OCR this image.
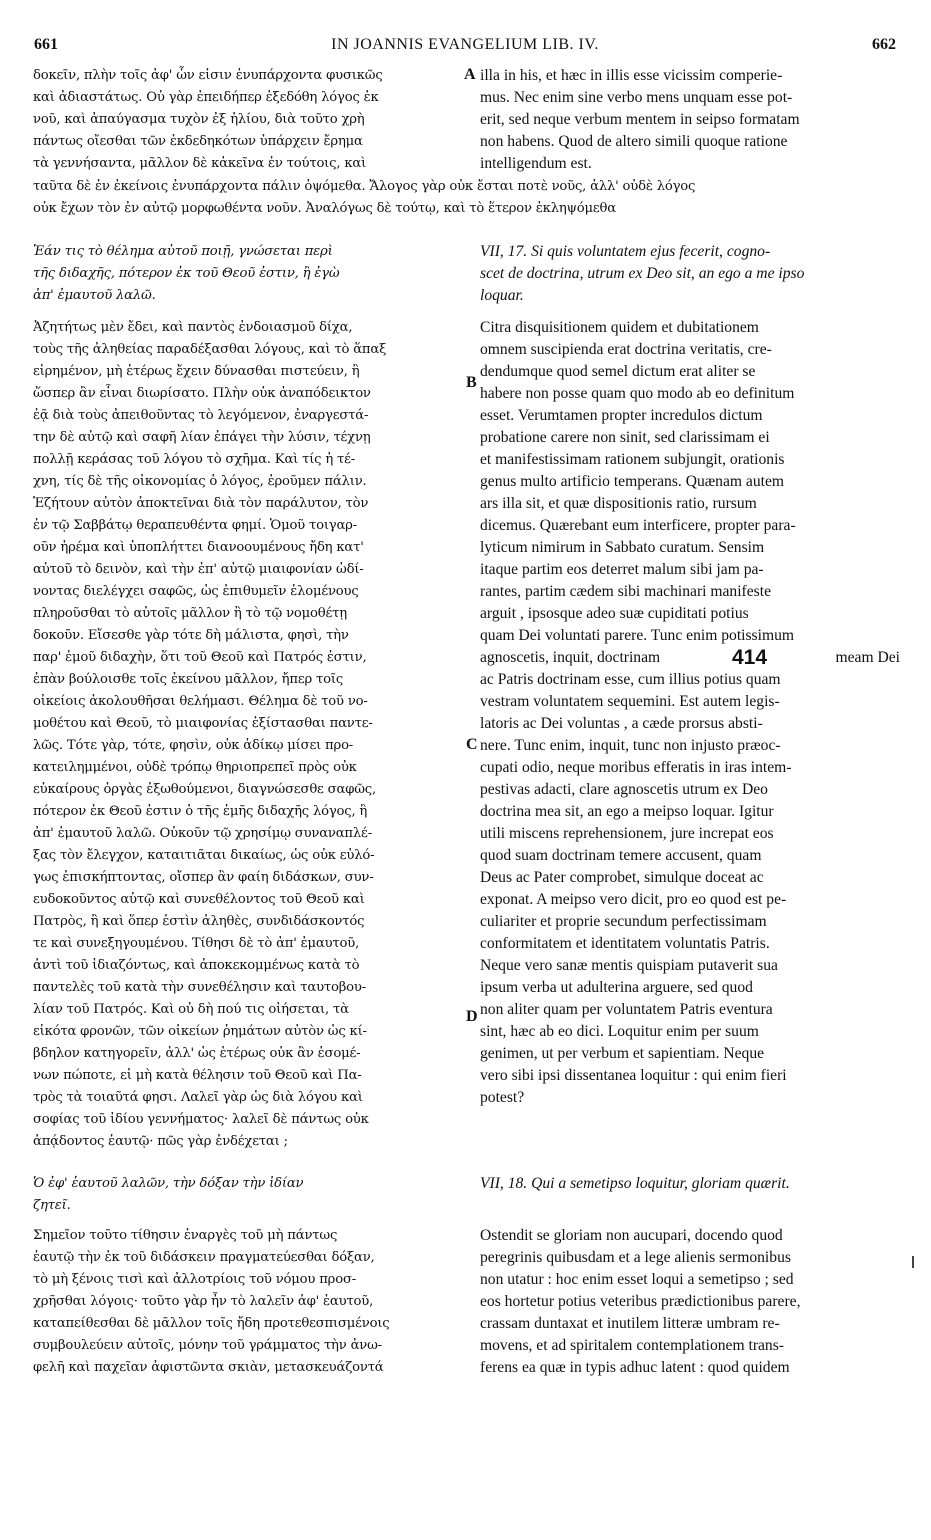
661	IN JOANNIS EVANGELIUM LIB. IV.	662
δοκεῖν, πλὴν τοῖς ἀφ' ὧν εἰσιν ἐνυπάρχοντα φυσικῶς
καὶ ἀδιαστάτως. Οὐ γὰρ ἐπειδήπερ ἐξεδόθη λόγος ἐκ
νοῦ, καὶ ἀπαύγασμα τυχὸν ἐξ ἡλίου, διὰ τοῦτο χρὴ
πάντως οἴεσθαι τῶν ἐκδεδηκότων ὑπάρχειν ἔρημα
τὰ γεννήσαντα, μᾶλλον δὲ κἀκεῖνα ἐν τούτοις, καὶ
illa in his, et hæc in illis esse vicissim comperie-
mus. Nec enim sine verbo mens unquam esse pot-
erit, sed neque verbum mentem in seipso formatam
non habens. Quod de altero simili quoque ratione
intelligendum est.
A
ταῦτα δὲ ἐν ἐκείνοις ἐνυπάρχοντα πάλιν ὀψόμεθα. Ἄλογος γὰρ οὐκ ἔσται ποτὲ νοῦς, ἀλλ' οὐδὲ λόγος
οὐκ ἔχων τὸν ἐν αὐτῷ μορφωθέντα νοῦν. Ἀναλόγως δὲ τούτῳ, καὶ τὸ ἕτερον ἐκληψόμεθα
Ἐάν τις τὸ θέλημα αὐτοῦ ποιῇ, γνώσεται περὶ
τῆς διδαχῆς, πότερον ἐκ τοῦ Θεοῦ ἐστιν, ἢ ἐγὼ
ἀπ' ἐμαυτοῦ λαλῶ.
VII, 17. Si quis voluntatem ejus fecerit, cogno-
scet de doctrina, utrum ex Deo sit, an ego a me ipso
loquar.
Ἀζητήτως μὲν ἔδει, καὶ παντὸς ἐνδοιασμοῦ δίχα,
τοὺς τῆς ἀληθείας παραδέξασθαι λόγους, καὶ τὸ ἅπαξ
εἰρημένον, μὴ ἑτέρως ἔχειν δύνασθαι πιστεύειν, ἢ
ὥσπερ ἂν εἶναι διωρίσατο. Πλὴν οὐκ ἀναπόδεικτον
ἐᾷ διὰ τοὺς ἀπειθοῦντας τὸ λεγόμενον, ἐναργεστά-
την δὲ αὐτῷ καὶ σαφῆ λίαν ἐπάγει τὴν λύσιν, τέχνῃ
πολλῇ κεράσας τοῦ λόγου τὸ σχῆμα. Καὶ τίς ἡ τέ-
χνη, τίς δὲ τῆς οἰκονομίας ὁ λόγος, ἐροῦμεν πάλιν.
Ἐζήτουν αὐτὸν ἀποκτεῖναι διὰ τὸν παράλυτον, τὸν
ἐν τῷ Σαββάτῳ θεραπευθέντα φημί. Ὁμοῦ τοιγαρ-
οῦν ἠρέμα καὶ ὑποπλήττει διανοουμένους ἤδη κατ'
αὐτοῦ τὸ δεινὸν, καὶ τὴν ἐπ' αὐτῷ μιαιφονίαν ὠδί-
νοντας διελέγχει σαφῶς, ὡς ἐπιθυμεῖν ἑλομένους
πληροῦσθαι τὸ αὐτοῖς μᾶλλον ἢ τὸ τῷ νομοθέτῃ
δοκοῦν. Εἴσεσθε γὰρ τότε δὴ μάλιστα, φησὶ, τὴν
παρ' ἐμοῦ διδαχὴν, ὅτι τοῦ Θεοῦ καὶ Πατρός ἐστιν,
ἐπὰν βούλοισθε τοῖς ἐκείνου μᾶλλον, ἤπερ τοῖς
οἰκείοις ἀκολουθῆσαι θελήμασι. Θέλημα δὲ τοῦ νο-
μοθέτου καὶ Θεοῦ, τὸ μιαιφονίας ἐξίστασθαι παντε-
λῶς. Τότε γὰρ, τότε, φησὶν, οὐκ ἀδίκῳ μίσει προ-
κατειλημμένοι, οὐδὲ τρόπῳ θηριοπρεπεῖ πρὸς οὐκ
εὐκαίρους ὀργὰς ἐξωθούμενοι, διαγνώσεσθε σαφῶς,
πότερον ἐκ Θεοῦ ἐστιν ὁ τῆς ἐμῆς διδαχῆς λόγος, ἢ
ἀπ' ἐμαυτοῦ λαλῶ. Οὐκοῦν τῷ χρησίμῳ συναναπλέ-
ξας τὸν ἔλεγχον, καταιτιᾶται δικαίως, ὡς οὐκ εὐλό-
γως ἐπισκήπτοντας, οἴσπερ ἂν φαίη διδάσκων, συν-
ευδοκοῦντος αὐτῷ καὶ συνεθέλοντος τοῦ Θεοῦ καὶ
Πατρὸς, ἢ καὶ ὅπερ ἐστὶν ἀληθὲς, συνδιδάσκοντός
τε καὶ συνεξηγουμένου. Τίθησι δὲ τὸ ἀπ' ἐμαυτοῦ,
ἀντὶ τοῦ ἰδιαζόντως, καὶ ἀποκεκομμένως κατὰ τὸ
παντελὲς τοῦ κατὰ τὴν συνεθέλησιν καὶ ταυτοβου-
λίαν τοῦ Πατρός. Καὶ οὐ δὴ πού τις οἰήσεται, τὰ
εἰκότα φρονῶν, τῶν οἰκείων ῥημάτων αὐτὸν ὡς κί-
βδηλον κατηγορεῖν, ἀλλ' ὡς ἑτέρως οὐκ ἂν ἐσομέ-
νων πώποτε, εἰ μὴ κατὰ θέλησιν τοῦ Θεοῦ καὶ Πα-
τρὸς τὰ τοιαῦτά φησι. Λαλεῖ γὰρ ὡς διὰ λόγου καὶ
σοφίας τοῦ ἰδίου γεννήματος· λαλεῖ δὲ πάντως οὐκ
ἀπᾴδοντος ἑαυτῷ· πῶς γὰρ ἐνδέχεται ;
Citra disquisitionem quidem et dubitationem
omnem suscipienda erat doctrina veritatis, cre-
dendumque quod semel dictum erat aliter se
habere non posse quam quo modo ab eo definitum
esset. Verumtamen propter incredulos dictum
probatione carere non sinit, sed clarissimam ei
et manifestissimam rationem subjungit, orationis
genus multo artificio temperans. Quænam autem
ars illa sit, et quæ dispositionis ratio, rursum
dicemus. Quærebant eum interficere, propter para-
lyticum nimirum in Sabbato curatum. Sensim
itaque partim eos deterret malum sibi jam pa-
rantes, partim cædem sibi machinari manifeste
arguit , ipsosque adeo suæ cupiditati potius
quam Dei voluntati parere. Tunc enim potissimum
agnoscetis, inquit, doctrinam	meam Dei
ac Patris doctrinam esse, cum illius potius quam
vestram voluntatem sequemini. Est autem legis-
latoris ac Dei voluntas , a cæde prorsus absti-
nere. Tunc enim, inquit, tunc non injusto præoc-
cupati odio, neque moribus efferatis in iras intem-
pestivas adacti, clare agnoscetis utrum ex Deo
doctrina mea sit, an ego a meipso loquar. Igitur
utili miscens reprehensionem, jure increpat eos
quod suam doctrinam temere accusent, quam
Deus ac Pater comprobet, simulque doceat ac
exponat. A meipso vero dicit, pro eo quod est pe-
culiariter et proprie secundum perfectissimam
conformitatem et identitatem voluntatis Patris.
Neque vero sanæ mentis quispiam putaverit sua
ipsum verba ut adulterina arguere, sed quod
non aliter quam per voluntatem Patris eventura
sint, hæc ab eo dici. Loquitur enim per suum
genimen, ut per verbum et sapientiam. Neque
vero sibi ipsi dissentanea loquitur : qui enim fieri
potest?
B
414
C
D
Ὁ ἐφ' ἑαυτοῦ λαλῶν, τὴν δόξαν τὴν ἰδίαν
ζητεῖ.
VII, 18. Qui a semetipso loquitur, gloriam quærit.
Σημεῖον τοῦτο τίθησιν ἐναργὲς τοῦ μὴ πάντως
ἑαυτῷ τὴν ἐκ τοῦ διδάσκειν πραγματεύεσθαι δόξαν,
τὸ μὴ ξένοις τισὶ καὶ ἀλλοτρίοις τοῦ νόμου προσ-
χρῆσθαι λόγοις· τοῦτο γὰρ ἦν τὸ λαλεῖν ἀφ' ἑαυτοῦ,
καταπείθεσθαι δὲ μᾶλλον τοῖς ἤδη προτεθεσπισμένοις
συμβουλεύειν αὐτοῖς, μόνην τοῦ γράμματος τὴν ἀνω-
φελῆ καὶ παχεῖαν ἀφιστῶντα σκιὰν, μετασκευάζοντά
Ostendit se gloriam non aucupari, docendo quod
peregrinis quibusdam et a lege alienis sermonibus
non utatur : hoc enim esset loqui a semetipso ; sed
eos hortetur potius veteribus prædictionibus parere,
crassam duntaxat et inutilem litteræ umbram re-
movens, et ad spiritalem contemplationem trans-
ferens ea quæ in typis adhuc latent : quod quidem
